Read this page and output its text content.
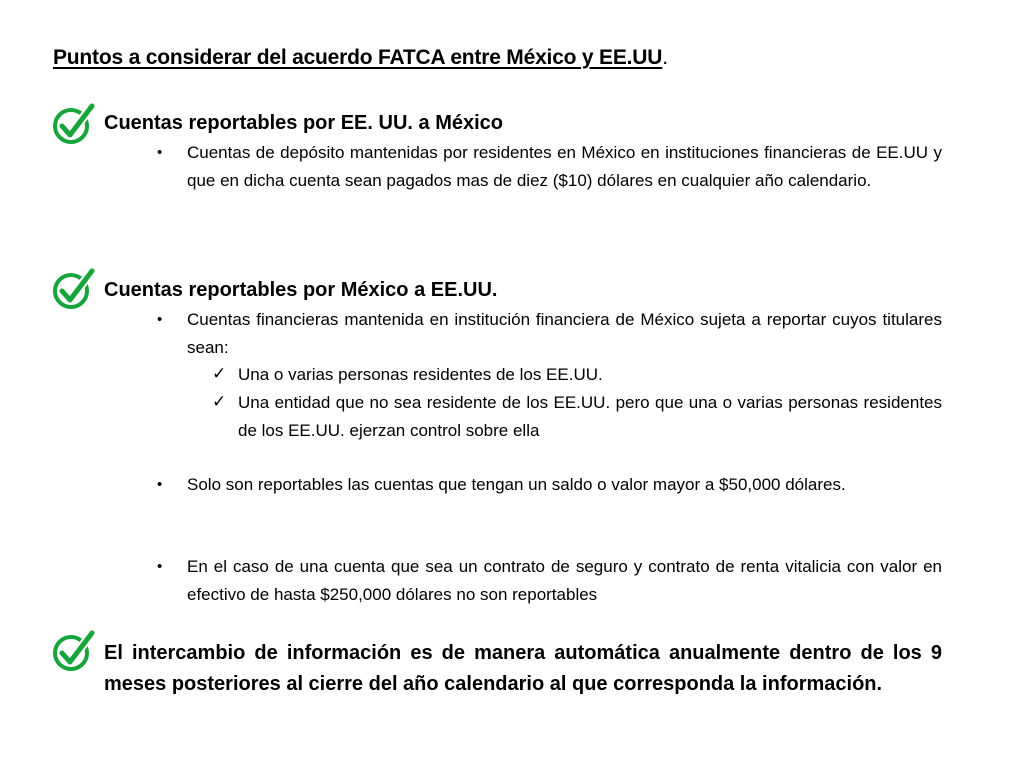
Puntos a considerar del acuerdo FATCA entre México y EE.UU.
Cuentas reportables por EE. UU. a México
• Cuentas de depósito mantenidas por residentes en México en instituciones financieras de EE.UU y que en dicha cuenta sean pagados mas de diez ($10) dólares en cualquier año calendario.
Cuentas reportables por México a EE.UU.
• Cuentas financieras mantenida en institución financiera de México sujeta a reportar cuyos titulares sean:
✓ Una o varias personas residentes de los EE.UU.
✓ Una entidad que no sea residente de los EE.UU. pero que una o varias personas residentes de los EE.UU. ejerzan control sobre ella
• Solo son reportables las cuentas que tengan un saldo o valor mayor a $50,000 dólares.
• En el caso de una cuenta que sea un contrato de seguro y contrato de renta vitalicia con valor en efectivo de hasta $250,000 dólares no son reportables
El intercambio de información es de manera automática anualmente dentro de los 9 meses posteriores al cierre del año calendario al que corresponda la información.
